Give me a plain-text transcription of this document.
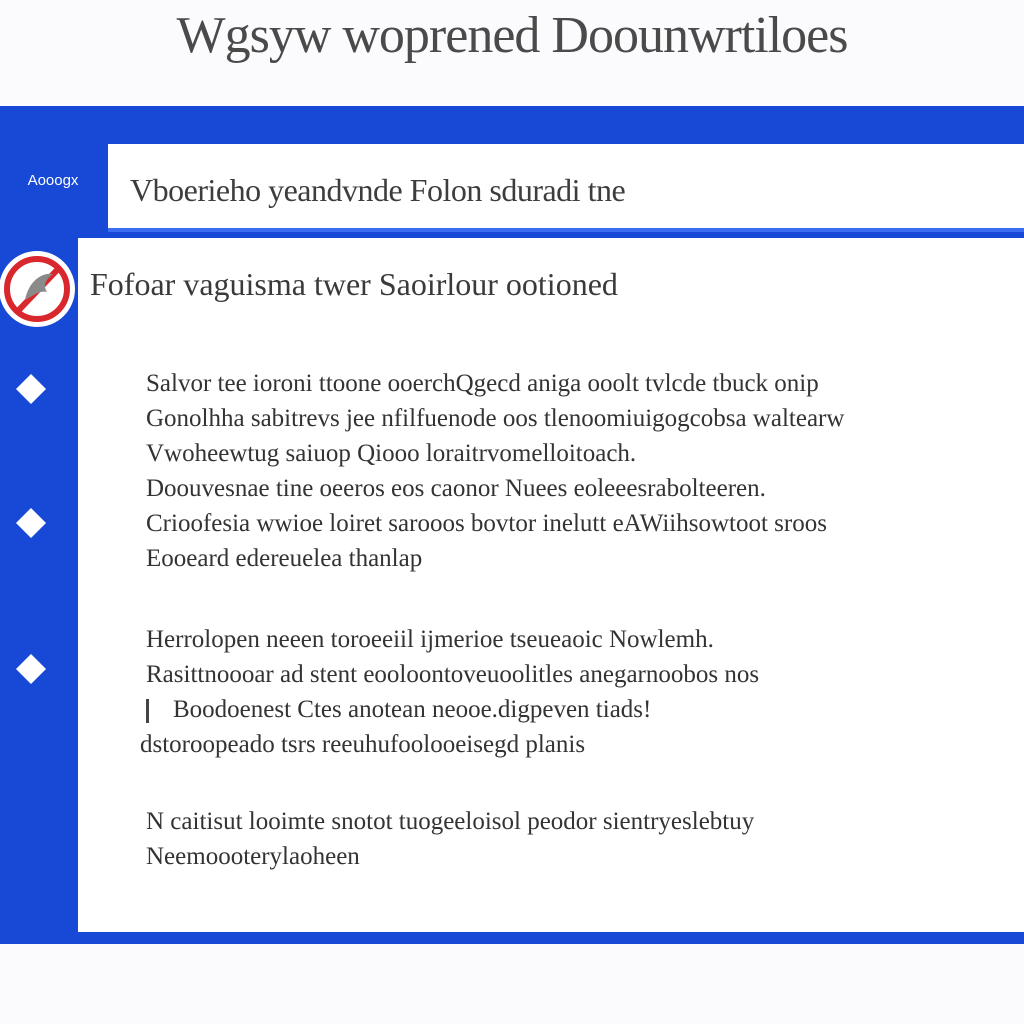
Wgsyw woprened Doounwrtiloes
Aooogx	Vboerieho yeandvnde Folon sduradi tne
Fofoar vaguisma twer Saoirlour ootioned
Salvor tee ioroni ttoone ooerchQgecd aniga ooolt tvlcde tbuck onip
Gonolhha sabitrevs jee nfilfuenode oos tlenoomiuigogcobsa waltearw
Vwoheewtug saiuop Qiooo loraitrvomelloitoach.
Doouvesnae tine oeeros eos caonor Nuees eoleeesrabolteeren.
Crioofesia wwioe loiret sarooos bovtor inelutt eAWiihsowtoot sroos
Eooeard edereuelea thanlap
Herrolopen neeen toroeeiil ijmerioe tseueaoic Nowlemh.
Rasittnoooar ad stent eooloontoveuoolitles anegarnoobos nos
Boodoenest Ctes anotean neooe.digpeven tiads!
dstoroopeado tsrs reeuhufoolooeisegd planis
N caitisut looimte snotot tuogeeloisol peodor sientryeslebtuy
Neemoooterylaoheen
